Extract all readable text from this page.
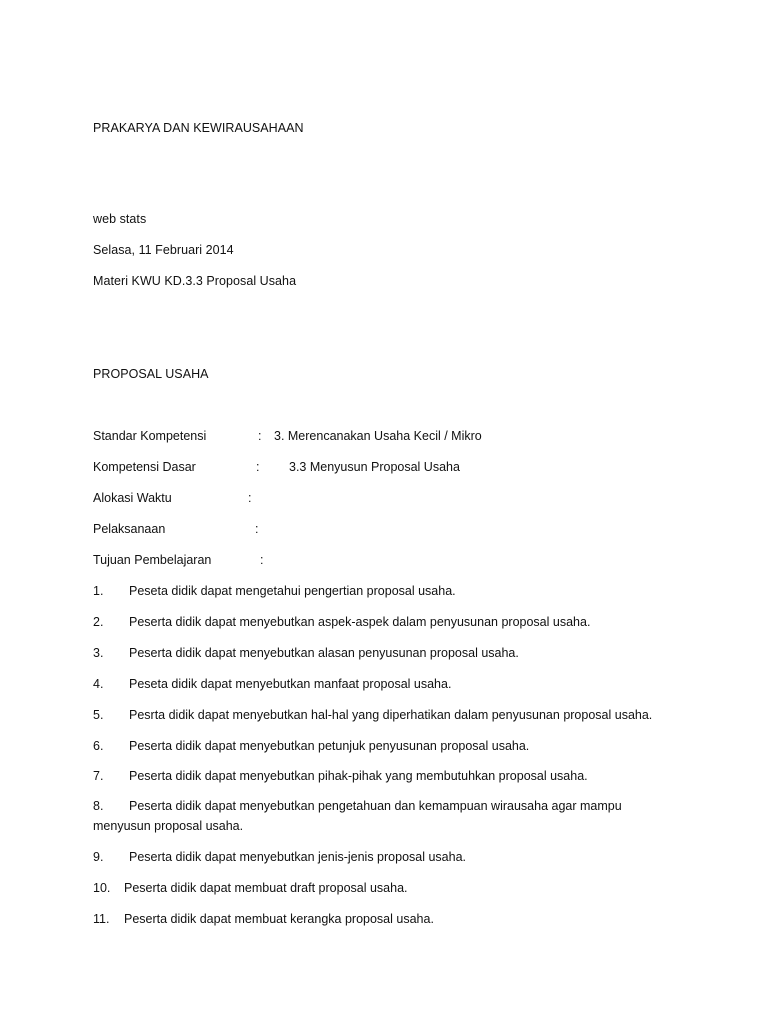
PRAKARYA DAN KEWIRAUSAHAAN
web stats
Selasa, 11 Februari 2014
Materi KWU KD.3.3 Proposal Usaha
PROPOSAL USAHA
Standar Kompetensi	: 3. Merencanakan Usaha Kecil / Mikro
Kompetensi Dasar	: 3.3 Menyusun Proposal Usaha
Alokasi Waktu	:
Pelaksanaan	:
Tujuan Pembelajaran	:
1. Peseta didik dapat mengetahui pengertian proposal usaha.
2. Peserta didik dapat menyebutkan aspek-aspek dalam penyusunan proposal usaha.
3. Peserta didik dapat menyebutkan alasan penyusunan proposal usaha.
4. Peseta didik dapat menyebutkan manfaat proposal usaha.
5. Pesrta didik dapat menyebutkan hal-hal yang diperhatikan dalam penyusunan proposal usaha.
6. Peserta didik dapat menyebutkan petunjuk penyusunan proposal usaha.
7. Peserta didik dapat menyebutkan pihak-pihak yang membutuhkan proposal usaha.
8. Peserta didik dapat menyebutkan pengetahuan dan kemampuan wirausaha agar mampu
menyusun proposal usaha.
9. Peserta didik dapat menyebutkan jenis-jenis proposal usaha.
10. Peserta didik dapat membuat draft proposal usaha.
11. Peserta didik dapat membuat kerangka proposal usaha.
